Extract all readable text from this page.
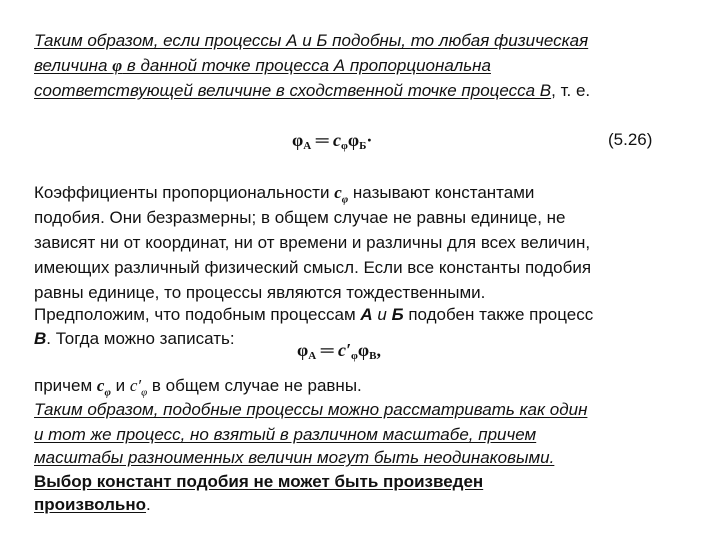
Таким образом, если процессы А и Б подобны, то любая физическая
величина φ в данной точке процесса А пропорциональна
соответствующей величине в сходственной точке процесса В, т. е.
$\varphi_А$ ═ $c_\varphi\varphi_Б\cdot$	(5.26)
Коэффициенты пропорциональности $c_\varphi$ называют константами
подобия. Они безразмерны; в общем случае не равны единице, не
зависят ни от координат, ни от времени и различны для всех величин,
имеющих различный физический смысл. Если все константы подобия
равны единице, то процессы являются тождественными.
Предположим, что подобным процессам А и Б подобен также процесс
В. Тогда можно записать:
$\varphi_А$ ═ $c'_\varphi\varphi_В$,
причем $c_\varphi$ и $c'_\varphi$ в общем случае не равны.
Таким образом, подобные процессы можно рассматривать как один
и тот же процесс, но взятый в различном масштабе, причем
масштабы разноименных величин могут быть неодинаковыми.
Выбор констант подобия не может быть произведен
произвольно.
